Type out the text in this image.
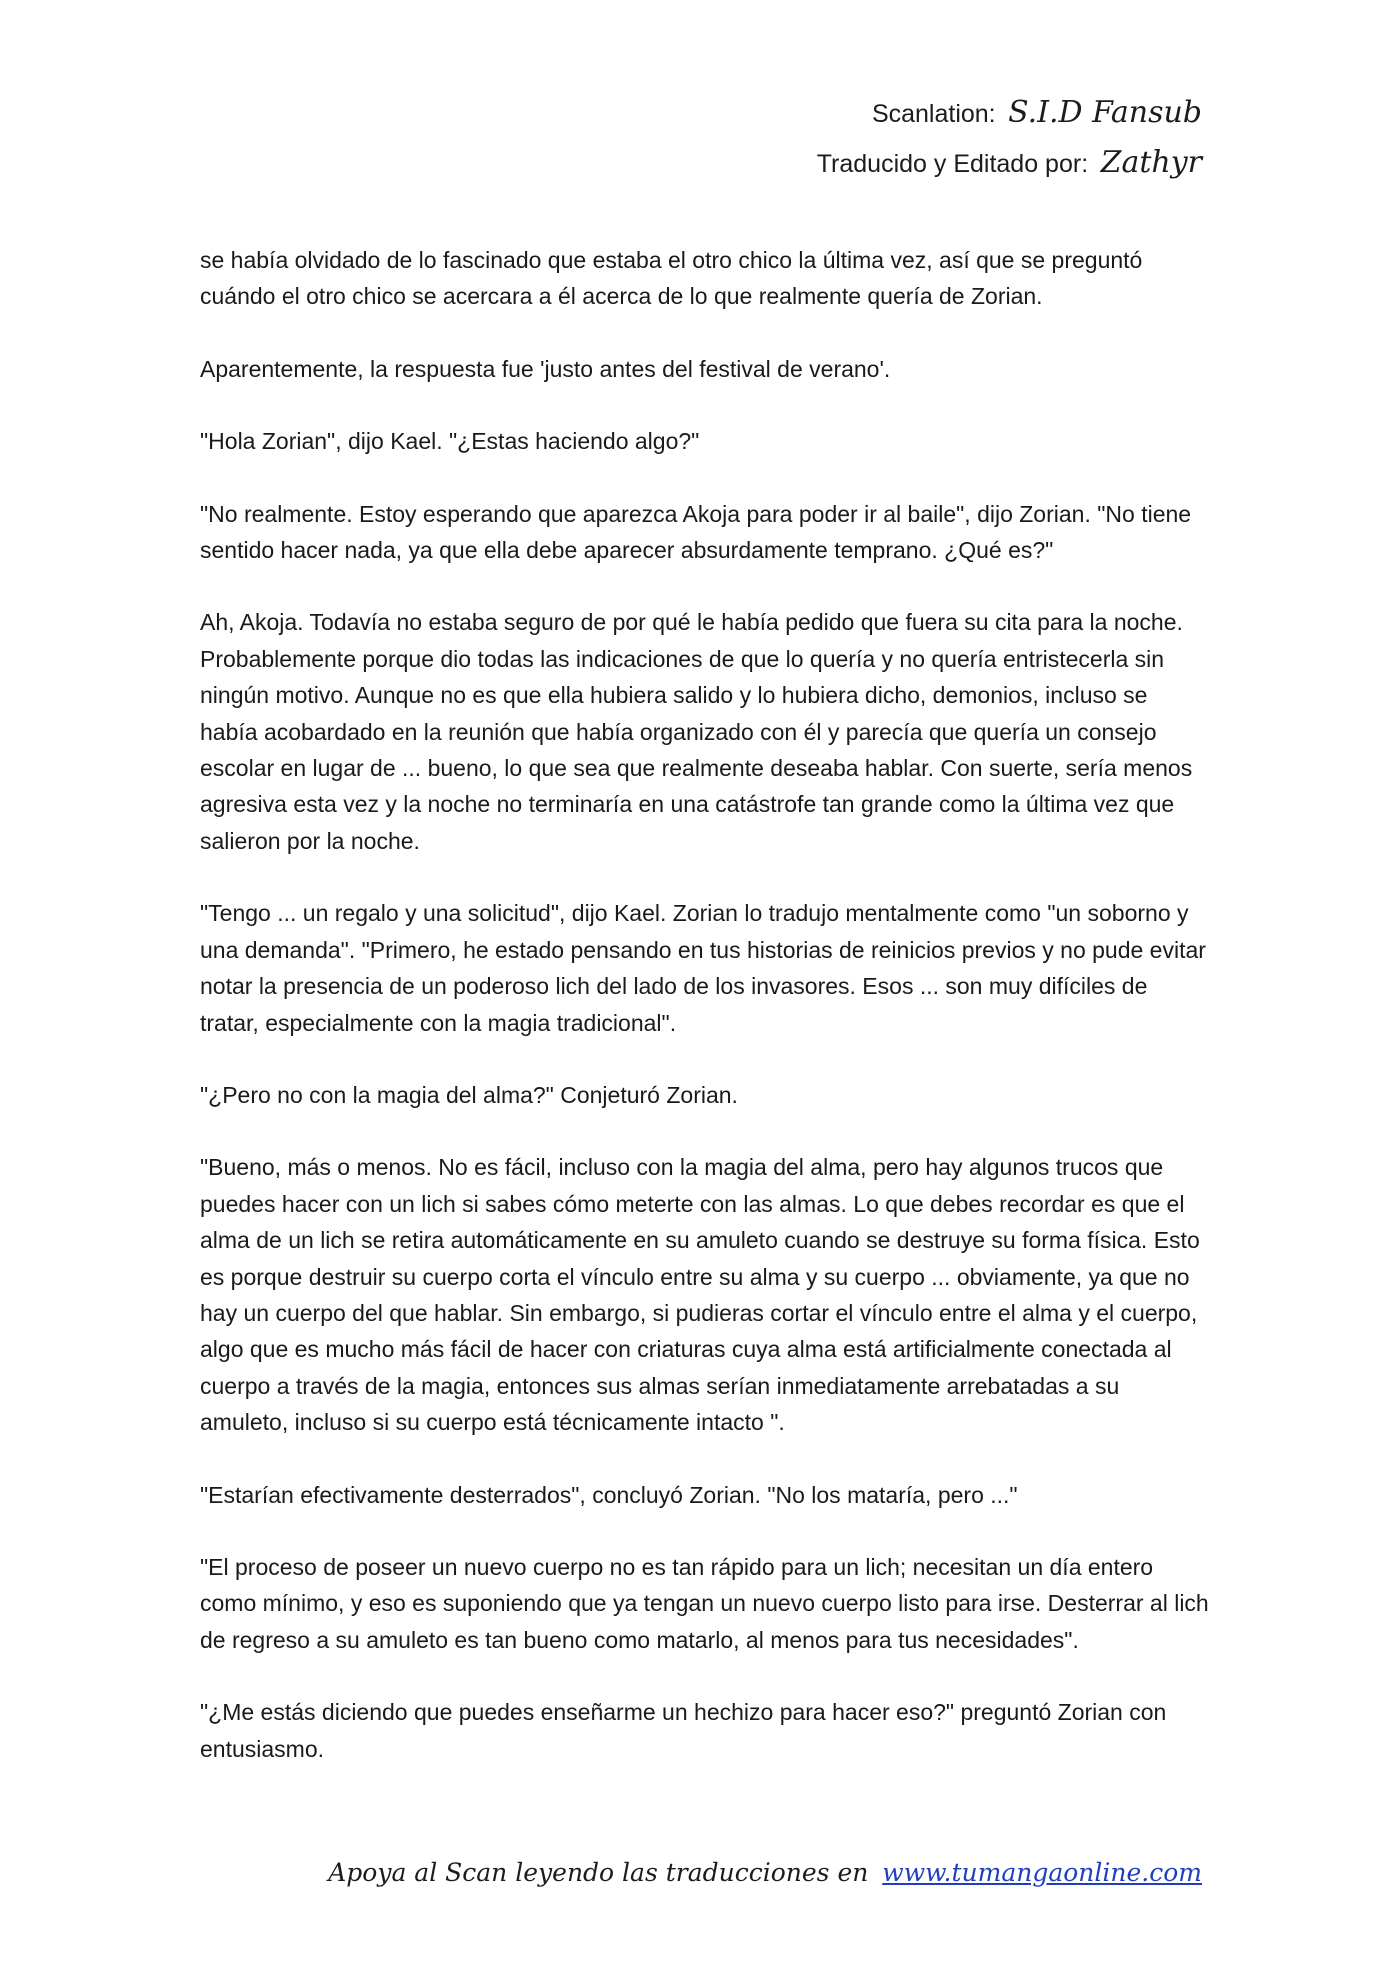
Scanlation: S.I.D Fansub
Traducido y Editado por: Zathyr

se había olvidado de lo fascinado que estaba el otro chico la última vez, así que se preguntó cuándo el otro chico se acercara a él acerca de lo que realmente quería de Zorian.

Aparentemente, la respuesta fue 'justo antes del festival de verano'.

"Hola Zorian", dijo Kael. "¿Estas haciendo algo?"

"No realmente. Estoy esperando que aparezca Akoja para poder ir al baile", dijo Zorian. "No tiene sentido hacer nada, ya que ella debe aparecer absurdamente temprano. ¿Qué es?"

Ah, Akoja. Todavía no estaba seguro de por qué le había pedido que fuera su cita para la noche. Probablemente porque dio todas las indicaciones de que lo quería y no quería entristecerla sin ningún motivo. Aunque no es que ella hubiera salido y lo hubiera dicho, demonios, incluso se había acobardado en la reunión que había organizado con él y parecía que quería un consejo escolar en lugar de ... bueno, lo que sea que realmente deseaba hablar. Con suerte, sería menos agresiva esta vez y la noche no terminaría en una catástrofe tan grande como la última vez que salieron por la noche.

"Tengo ... un regalo y una solicitud", dijo Kael. Zorian lo tradujo mentalmente como "un soborno y una demanda". "Primero, he estado pensando en tus historias de reinicios previos y no pude evitar notar la presencia de un poderoso lich del lado de los invasores. Esos ... son muy difíciles de tratar, especialmente con la magia tradicional".

"¿Pero no con la magia del alma?" Conjeturó Zorian.

"Bueno, más o menos. No es fácil, incluso con la magia del alma, pero hay algunos trucos que puedes hacer con un lich si sabes cómo meterte con las almas. Lo que debes recordar es que el alma de un lich se retira automáticamente en su amuleto cuando se destruye su forma física. Esto es porque destruir su cuerpo corta el vínculo entre su alma y su cuerpo ... obviamente, ya que no hay un cuerpo del que hablar. Sin embargo, si pudieras cortar el vínculo entre el alma y el cuerpo, algo que es mucho más fácil de hacer con criaturas cuya alma está artificialmente conectada al cuerpo a través de la magia, entonces sus almas serían inmediatamente arrebatadas a su amuleto, incluso si su cuerpo está técnicamente intacto ".

"Estarían efectivamente desterrados", concluyó Zorian. "No los mataría, pero ..."

"El proceso de poseer un nuevo cuerpo no es tan rápido para un lich; necesitan un día entero como mínimo, y eso es suponiendo que ya tengan un nuevo cuerpo listo para irse. Desterrar al lich de regreso a su amuleto es tan bueno como matarlo, al menos para tus necesidades".

"¿Me estás diciendo que puedes enseñarme un hechizo para hacer eso?" preguntó Zorian con entusiasmo.

Apoya al Scan leyendo las traducciones en www.tumangaonline.com
